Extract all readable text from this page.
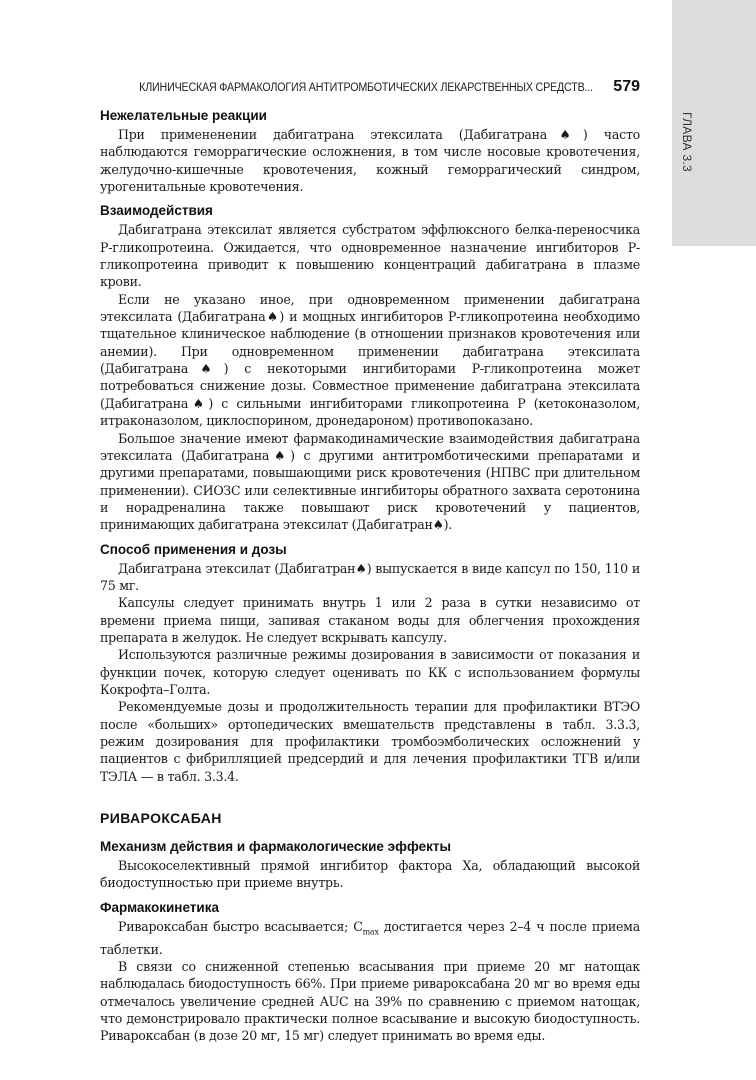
ГЛАВА 3.3
КЛИНИЧЕСКАЯ ФАРМАКОЛОГИЯ АНТИТРОМБОТИЧЕСКИХ ЛЕКАРСТВЕННЫХ СРЕДСТВ... 579
Нежелательные реакции

При примененении дабигатрана этексилата (Дабигатрана♠) часто наблюдаются геморрагические осложнения, в том числе носовые кровотечения, желудочно-кишечные кровотечения, кожный геморрагический синдром, урогенитальные кровотечения.

Взаимодействия

Дабигатрана этексилат является субстратом эффлюксного белка-переносчика Р-гликопротеина. Ожидается, что одновременное назначение ингибиторов Р-гликопротеина приводит к повышению концентраций дабигатрана в плазме крови.

Если не указано иное, при одновременном применении дабигатрана этексилата (Дабигатрана♠) и мощных ингибиторов Р-гликопротеина необходимо тщательное клиническое наблюдение (в отношении признаков кровотечения или анемии). При одновременном применении дабигатрана этексилата (Дабигатрана♠) с некоторыми ингибиторами Р-гликопротеина может потребоваться снижение дозы. Совместное применение дабигатрана этексилата (Дабигатрана♠) с сильными ингибиторами гликопротеина Р (кетоконазолом, итраконазолом, циклоспорином, дронедароном) противопоказано.

Большое значение имеют фармакодинамические взаимодействия дабигатрана этексилата (Дабигатрана♠) с другими антитромботическими препаратами и другими препаратами, повышающими риск кровотечения (НПВС при длительном применении). СИОЗС или селективные ингибиторы обратного захвата серотонина и норадреналина также повышают риск кровотечений у пациентов, принимающих дабигатрана этексилат (Дабигатран♠).

Способ применения и дозы

Дабигатрана этексилат (Дабигатран♠) выпускается в виде капсул по 150, 110 и 75 мг.

Капсулы следует принимать внутрь 1 или 2 раза в сутки независимо от времени приема пищи, запивая стаканом воды для облегчения прохождения препарата в желудок. Не следует вскрывать капсулу.

Используются различные режимы дозирования в зависимости от показания и функции почек, которую следует оценивать по КК с использованием формулы Кокрофта–Голта.

Рекомендуемые дозы и продолжительность терапии для профилактики ВТЭО после «больших» ортопедических вмешательств представлены в табл. 3.3.3, режим дозирования для профилактики тромбоэмболических осложнений у пациентов с фибрилляцией предсердий и для лечения профилактики ТГВ и/или ТЭЛА — в табл. 3.3.4.

РИВАРОКСАБАН
Механизм действия и фармакологические эффекты

Высокоселективный прямой ингибитор фактора Ха, обладающий высокой биодоступностью при приеме внутрь.

Фармакокинетика

Ривароксабан быстро всасывается; $C_{max}$ достигается через 2–4 ч после приема таблетки.

В связи со сниженной степенью всасывания при приеме 20 мг натощак наблюдалась биодоступность 66%. При приеме ривароксабана 20 мг во время еды отмечалось увеличение средней AUC на 39% по сравнению с приемом натощак, что демонстрировало практически полное всасывание и высокую биодоступность. Ривароксабан (в дозе 20 мг, 15 мг) следует принимать во время еды.
